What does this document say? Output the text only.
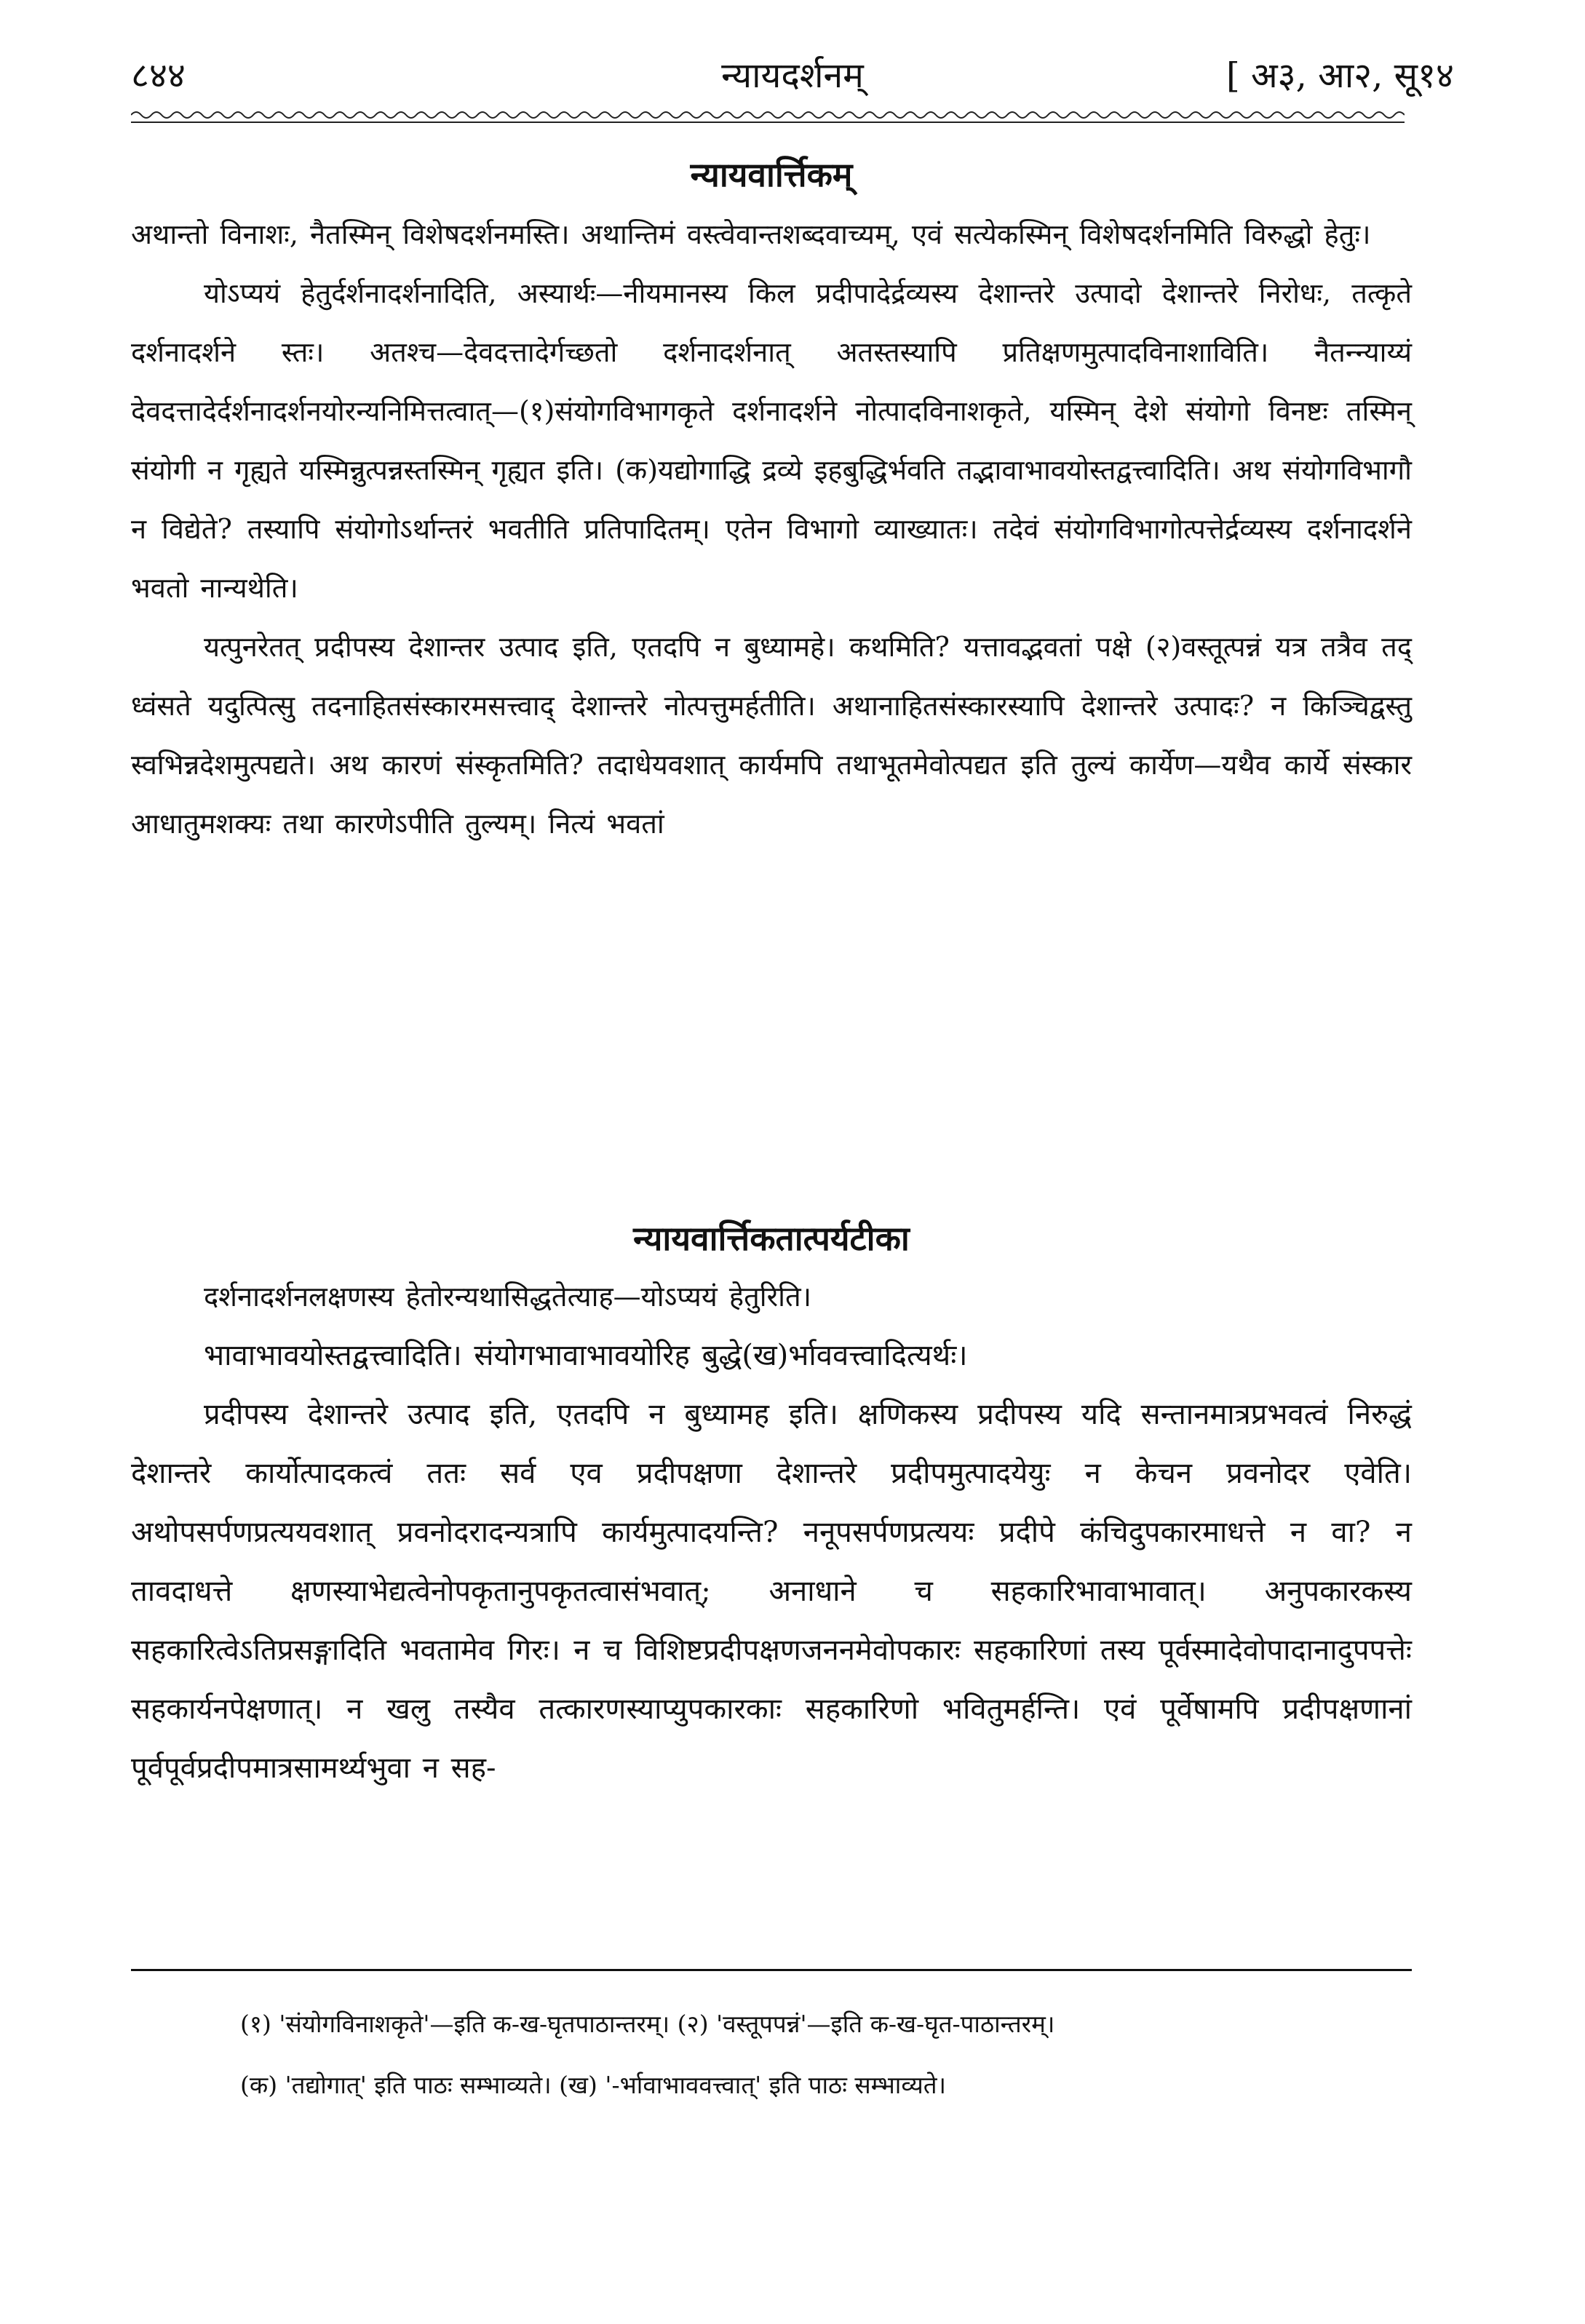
८४४	न्यायदर्शनम्	[ अ३, आ२, सू१४
न्यायवार्त्तिकम्

अथान्तो विनाशः, नैतस्मिन् विशेषदर्शनमस्ति। अथान्तिमं वस्त्वेवान्तशब्दवाच्यम्, एवं सत्येकस्मिन् विशेषदर्शनमिति विरुद्धो हेतुः।

योऽप्ययं हेतुर्दर्शनादर्शनादिति, अस्यार्थः—नीयमानस्य किल प्रदीपादेर्द्रव्यस्य देशान्तरे उत्पादो देशान्तरे निरोधः, तत्कृते दर्शनादर्शने स्तः। अतश्च—देवदत्तादेर्गच्छतो दर्शनादर्शनात् अतस्तस्यापि प्रतिक्षणमुत्पादविनाशाविति। नैतन्न्याय्यं देवदत्तादेर्दर्शनादर्शनयोरन्यनिमित्तत्वात्—(१)संयोगविभागकृते दर्शनादर्शने नोत्पादविनाशकृते, यस्मिन् देशे संयोगो विनष्टः तस्मिन् संयोगी न गृह्यते यस्मिन्नुत्पन्नस्तस्मिन् गृह्यत इति। (क)यद्योगाद्धि द्रव्ये इहबुद्धिर्भवति तद्भावाभावयोस्तद्वत्त्वादिति। अथ संयोगविभागौ न विद्येते? तस्यापि संयोगोऽर्थान्तरं भवतीति प्रतिपादितम्। एतेन विभागो व्याख्यातः। तदेवं संयोगविभागोत्पत्तेर्द्रव्यस्य दर्शनादर्शने भवतो नान्यथेति।

यत्पुनरेतत् प्रदीपस्य देशान्तर उत्पाद इति, एतदपि न बुध्यामहे। कथमिति? यत्तावद्भवतां पक्षे (२)वस्तूत्पन्नं यत्र तत्रैव तद् ध्वंसते यदुत्पित्सु तदनाहितसंस्कारमसत्त्वाद् देशान्तरे नोत्पत्तुमर्हतीति। अथानाहितसंस्कारस्यापि देशान्तरे उत्पादः? न किञ्चिद्वस्तु स्वभिन्नदेशमुत्पद्यते। अथ कारणं संस्कृतमिति? तदाधेयवशात् कार्यमपि तथाभूतमेवोत्पद्यत इति तुल्यं कार्येण—यथैव कार्ये संस्कार आधातुमशक्यः तथा कारणेऽपीति तुल्यम्। नित्यं भवतां

न्यायवार्त्तिकतात्पर्यटीका

दर्शनादर्शनलक्षणस्य हेतोरन्यथासिद्धतेत्याह—योऽप्ययं हेतुरिति।

भावाभावयोस्तद्वत्त्वादिति। संयोगभावाभावयोरिह बुद्धे(ख)र्भाववत्त्वादित्यर्थः।

प्रदीपस्य देशान्तरे उत्पाद इति, एतदपि न बुध्यामह इति। क्षणिकस्य प्रदीपस्य यदि सन्तानमात्रप्रभवत्वं निरुद्धं देशान्तरे कार्योत्पादकत्वं ततः सर्व एव प्रदीपक्षणा देशान्तरे प्रदीपमुत्पादयेयुः न केचन प्रवनोदर एवेति। अथोपसर्पणप्रत्ययवशात् प्रवनोदरादन्यत्रापि कार्यमुत्पादयन्ति? ननूपसर्पणप्रत्ययः प्रदीपे कंचिदुपकारमाधत्ते न वा? न तावदाधत्ते क्षणस्याभेद्यत्वेनोपकृतानुपकृतत्वासंभवात्; अनाधाने च सहकारिभावाभावात्। अनुपकारकस्य सहकारित्वेऽतिप्रसङ्गादिति भवतामेव गिरः। न च विशिष्टप्रदीपक्षणजननमेवोपकारः सहकारिणां तस्य पूर्वस्मादेवोपादानादुपपत्तेः सहकार्यनपेक्षणात्। न खलु तस्यैव तत्कारणस्याप्युपकारकाः सहकारिणो भवितुमर्हन्ति। एवं पूर्वेषामपि प्रदीपक्षणानां पूर्वपूर्वप्रदीपमात्रसामर्थ्यभुवा न सह-

(१) 'संयोगविनाशकृते'—इति क-ख-घृतपाठान्तरम्। (२) 'वस्तूपपन्नं'—इति क-ख-घृत-पाठान्तरम्।

(क) 'तद्योगात्' इति पाठः सम्भाव्यते। (ख) '-र्भावाभाववत्त्वात्' इति पाठः सम्भाव्यते।
